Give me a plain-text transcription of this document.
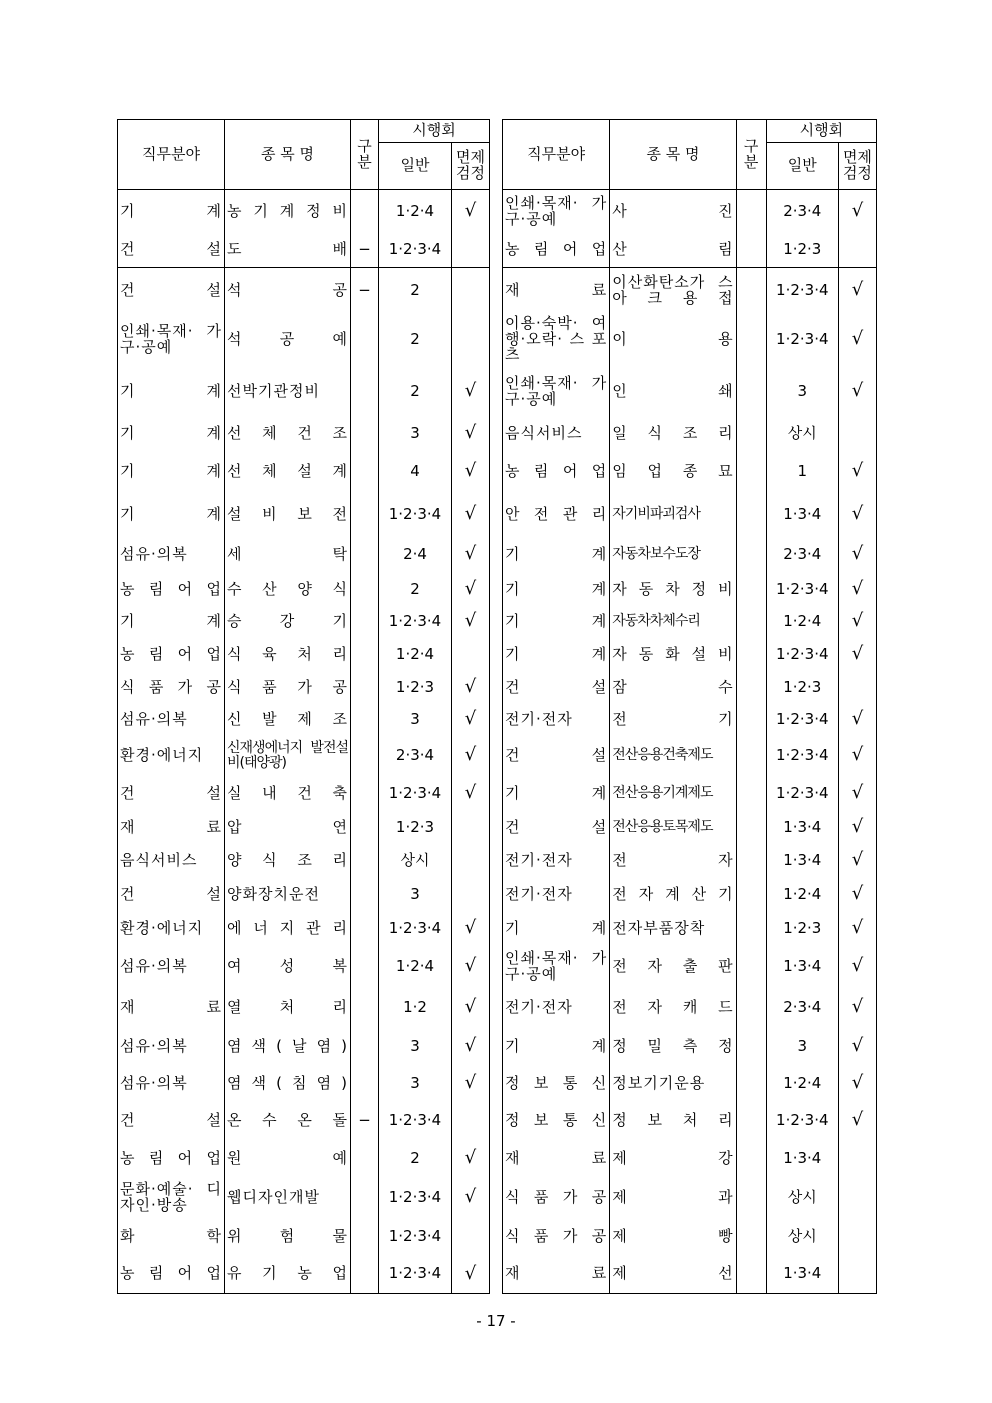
직무분야	종 목 명	구분	시행회	
			일반	면제검정
기 계	농 기 계 정 비		1·2·4	√
건 설	도 배	−	1·2·3·4	
건 설	석 공	−	2	
인쇄·목재· 가구·공예	석 공 예		2	
기 계	선박기관정비		2	√
기 계	선 체 건 조		3	√
기 계	선 체 설 계		4	√
기 계	설 비 보 전		1·2·3·4	√
섬유·의복	세 탁		2·4	√
농 림 어 업	수 산 양 식		2	√
기 계	승 강 기		1·2·3·4	√
농 림 어 업	식 육 처 리		1·2·4	
식 품 가 공	식 품 가 공		1·2·3	√
섬유·의복	신 발 제 조		3	√
환경·에너지	신재생에너지 발전설비(태양광)		2·3·4	√
건 설	실 내 건 축		1·2·3·4	√
재 료	압 연		1·2·3	
음식서비스	양 식 조 리		상시	
건 설	양화장치운전		3	
환경·에너지	에 너 지 관 리		1·2·3·4	√
섬유·의복	여 성 복		1·2·4	√
재 료	열 처 리		1·2	√
섬유·의복	염 색 ( 날 염 )		3	√
섬유·의복	염 색 ( 침 염 )		3	√
건 설	온 수 온 돌	−	1·2·3·4	
농 림 어 업	원 예		2	√
문화·예술· 디자인·방송	웹디자인개발		1·2·3·4	√
화 학	위 험 물		1·2·3·4	
농 림 어 업	유 기 농 업		1·2·3·4	√
직무분야	종 목 명	구분	시행회	
			일반	면제검정
인쇄·목재· 가구·공예	사 진		2·3·4	√
농 림 어 업	산 림		1·2·3	
재 료	이산화탄소가 스 아 크 용 접		1·2·3·4	√
이용·숙박· 여행·오락· 스 포 츠	이 용		1·2·3·4	√
인쇄·목재· 가구·공예	인 쇄		3	√
음식서비스	일 식 조 리		상시	
농 림 어 업	임 업 종 묘		1	√
안 전 관 리	자기비파괴검사		1·3·4	√
기 계	자동차보수도장		2·3·4	√
기 계	자 동 차 정 비		1·2·3·4	√
기 계	자동차차체수리		1·2·4	√
기 계	자 동 화 설 비		1·2·3·4	√
건 설	잠 수		1·2·3	
전기·전자	전 기		1·2·3·4	√
건 설	전산응용건축제도		1·2·3·4	√
기 계	전산응용기계제도		1·2·3·4	√
건 설	전산응용토목제도		1·3·4	√
전기·전자	전 자		1·3·4	√
전기·전자	전 자 계 산 기		1·2·4	√
기 계	전자부품장착		1·2·3	√
인쇄·목재· 가구·공예	전 자 출 판		1·3·4	√
전기·전자	전 자 캐 드		2·3·4	√
기 계	정 밀 측 정		3	√
정 보 통 신	정보기기운용		1·2·4	√
정 보 통 신	정 보 처 리		1·2·3·4	√
재 료	제 강		1·3·4	
식 품 가 공	제 과		상시	
식 품 가 공	제 빵		상시	
재 료	제 선		1·3·4	
- 17 -
